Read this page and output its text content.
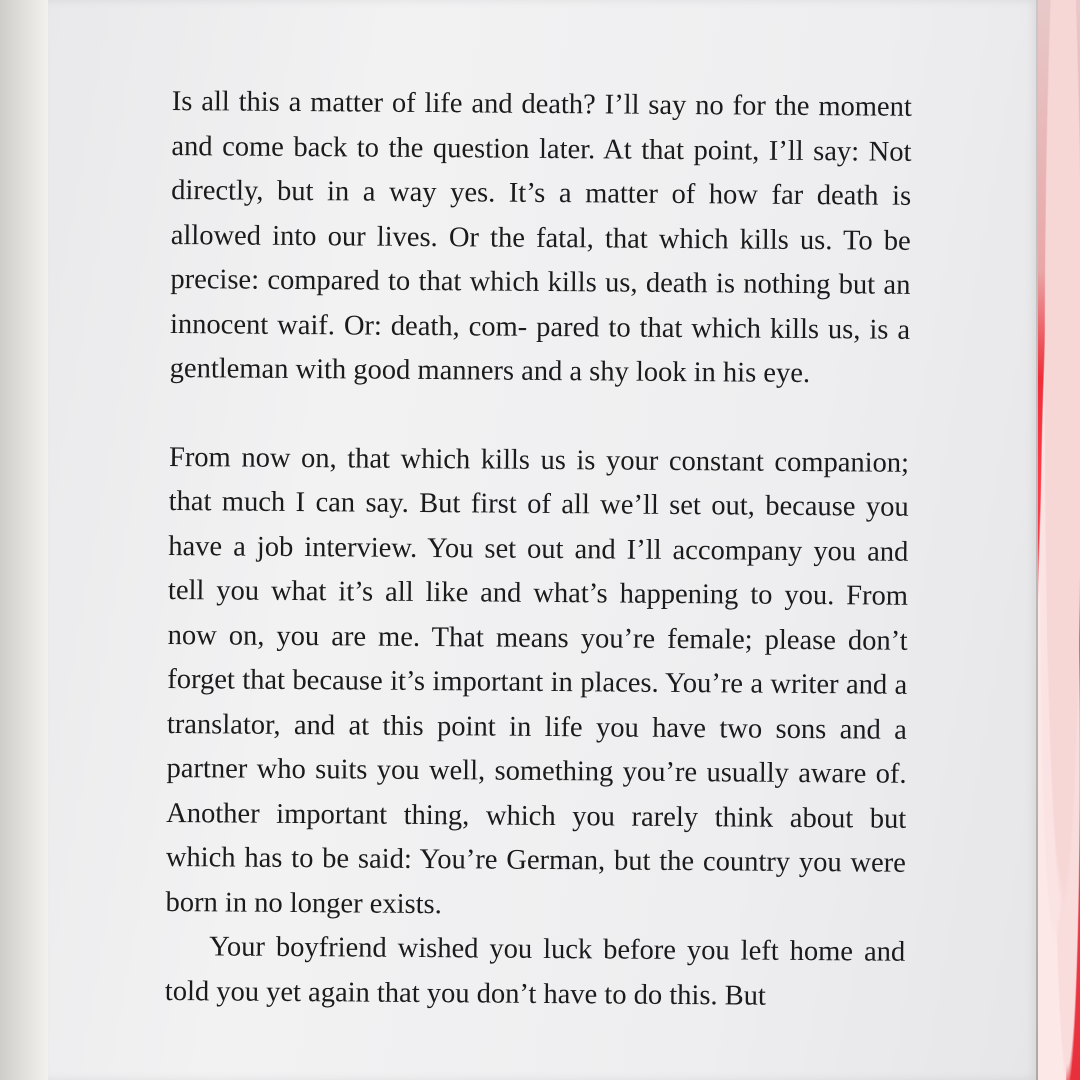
Is all this a matter of life and death? I’ll say no for the moment and come back to the question later. At that point, I’ll say: Not directly, but in a way yes. It’s a matter of how far death is allowed into our lives. Or the fatal, that which kills us. To be precise: compared to that which kills us, death is nothing but an innocent waif. Or: death, com- pared to that which kills us, is a gentleman with good manners and a shy look in his eye.

From now on, that which kills us is your constant companion; that much I can say. But first of all we’ll set out, because you have a job interview. You set out and I’ll accompany you and tell you what it’s all like and what’s happening to you. From now on, you are me. That means you’re female; please don’t forget that because it’s important in places. You’re a writer and a translator, and at this point in life you have two sons and a partner who suits you well, something you’re usually aware of. Another important thing, which you rarely think about but which has to be said: You’re German, but the country you were born in no longer exists.

Your boyfriend wished you luck before you left home and told you yet again that you don’t have to do this. But
